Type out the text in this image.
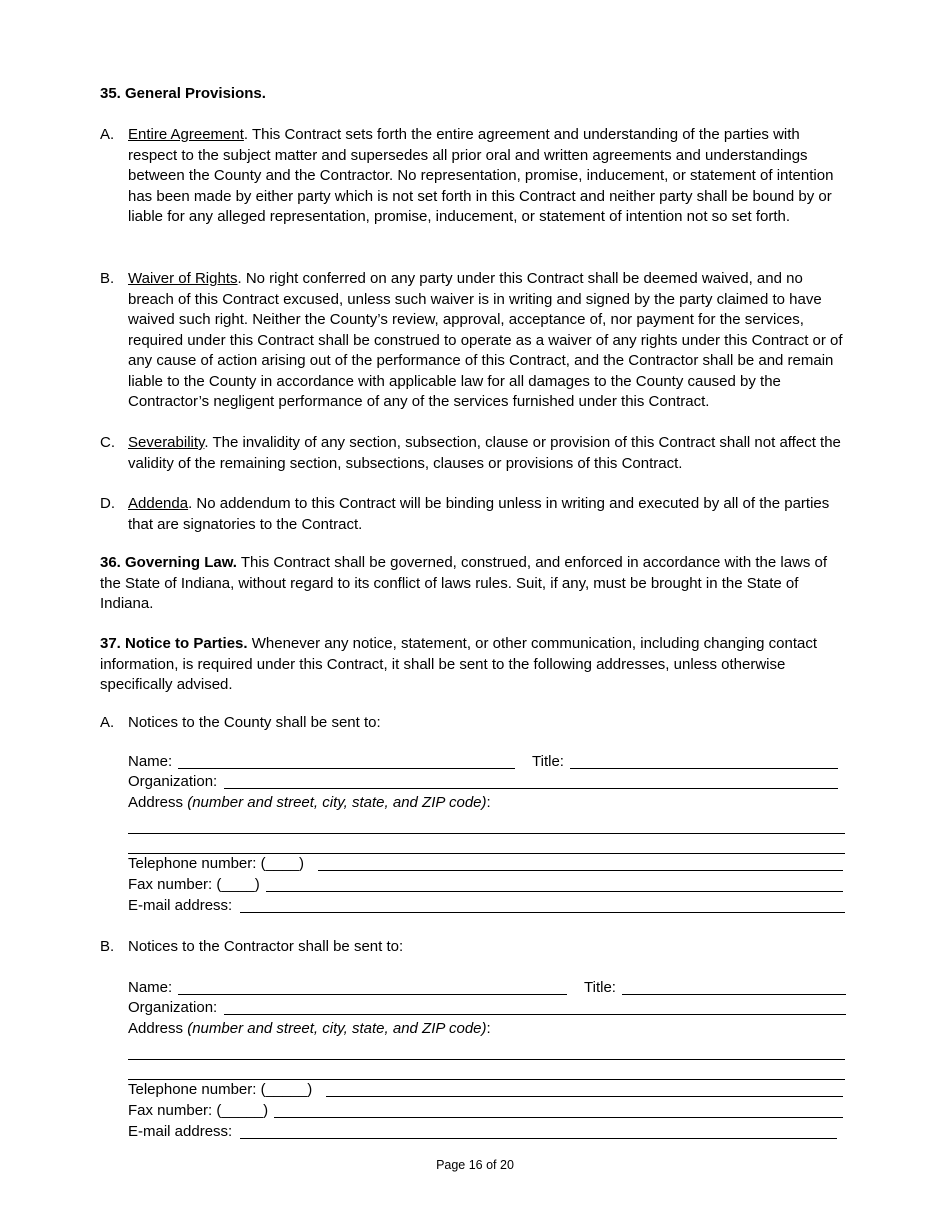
35. General Provisions.
A. Entire Agreement. This Contract sets forth the entire agreement and understanding of the parties with respect to the subject matter and supersedes all prior oral and written agreements and understandings between the County and the Contractor. No representation, promise, inducement, or statement of intention has been made by either party which is not set forth in this Contract and neither party shall be bound by or liable for any alleged representation, promise, inducement, or statement of intention not so set forth.
B. Waiver of Rights. No right conferred on any party under this Contract shall be deemed waived, and no breach of this Contract excused, unless such waiver is in writing and signed by the party claimed to have waived such right. Neither the County’s review, approval, acceptance of, nor payment for the services, required under this Contract shall be construed to operate as a waiver of any rights under this Contract or of any cause of action arising out of the performance of this Contract, and the Contractor shall be and remain liable to the County in accordance with applicable law for all damages to the County caused by the Contractor’s negligent performance of any of the services furnished under this Contract.
C. Severability. The invalidity of any section, subsection, clause or provision of this Contract shall not affect the validity of the remaining section, subsections, clauses or provisions of this Contract.
D. Addenda. No addendum to this Contract will be binding unless in writing and executed by all of the parties that are signatories to the Contract.
36. Governing Law. This Contract shall be governed, construed, and enforced in accordance with the laws of the State of Indiana, without regard to its conflict of laws rules. Suit, if any, must be brought in the State of Indiana.
37. Notice to Parties. Whenever any notice, statement, or other communication, including changing contact information, is required under this Contract, it shall be sent to the following addresses, unless otherwise specifically advised.
A. Notices to the County shall be sent to:
Name:	Title:
Organization:
Address (number and street, city, state, and ZIP code):
Telephone number: (____)
Fax number: (____)
E-mail address:
B. Notices to the Contractor shall be sent to:
Name:	Title:
Organization:
Address (number and street, city, state, and ZIP code):
Telephone number: (_____)
Fax number: (_____)
E-mail address:
Page 16 of 20
